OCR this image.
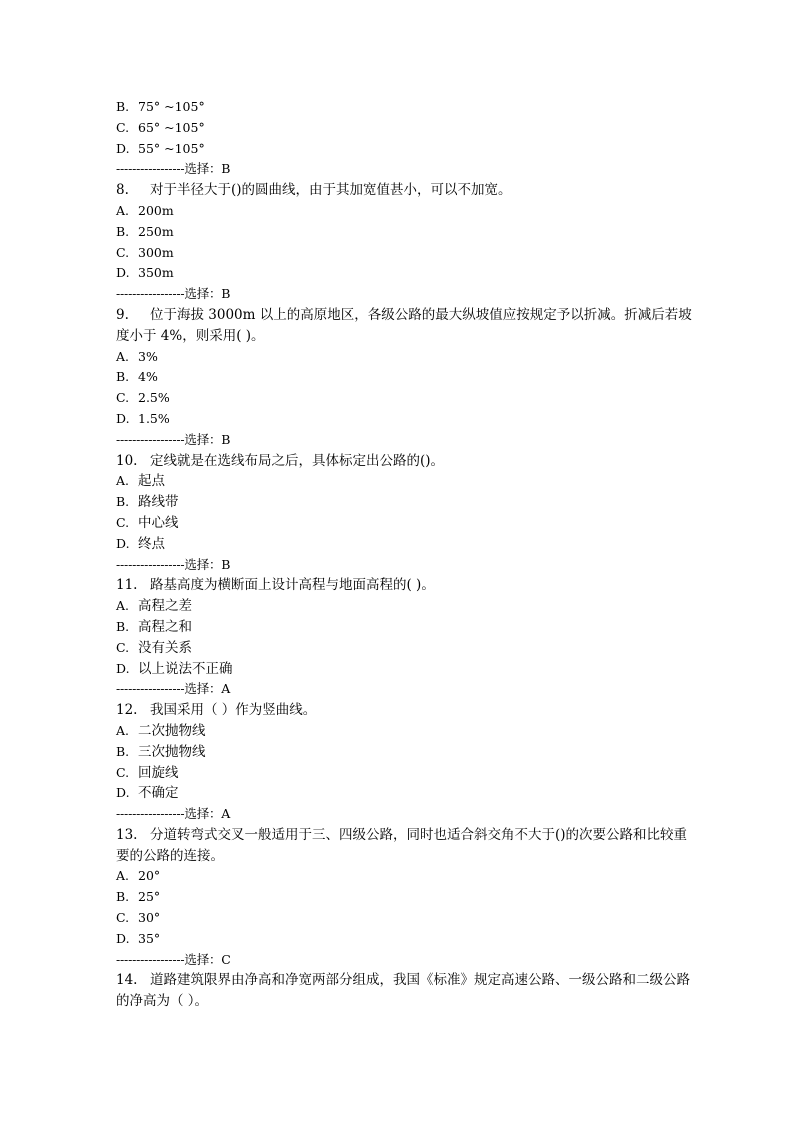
B. 75° ~105°
C. 65° ~105°
D. 55° ~105°
-----------------选择：B
8. 对于半径大于()的圆曲线，由于其加宽值甚小，可以不加宽。
A. 200m
B. 250m
C. 300m
D. 350m
-----------------选择：B
9. 位于海拔 3000m 以上的高原地区，各级公路的最大纵坡值应按规定予以折减。折减后若坡度小于 4%，则采用( )。
A. 3%
B. 4%
C. 2.5%
D. 1.5%
-----------------选择：B
10. 定线就是在选线布局之后，具体标定出公路的()。
A. 起点
B. 路线带
C. 中心线
D. 终点
-----------------选择：B
11. 路基高度为横断面上设计高程与地面高程的( )。
A. 高程之差
B. 高程之和
C. 没有关系
D. 以上说法不正确
-----------------选择：A
12. 我国采用（ ）作为竖曲线。
A. 二次抛物线
B. 三次抛物线
C. 回旋线
D. 不确定
-----------------选择：A
13. 分道转弯式交叉一般适用于三、四级公路，同时也适合斜交角不大于()的次要公路和比较重要的公路的连接。
A. 20°
B. 25°
C. 30°
D. 35°
-----------------选择：C
14. 道路建筑限界由净高和净宽两部分组成，我国《标准》规定高速公路、一级公路和二级公路的净高为（ ）。
